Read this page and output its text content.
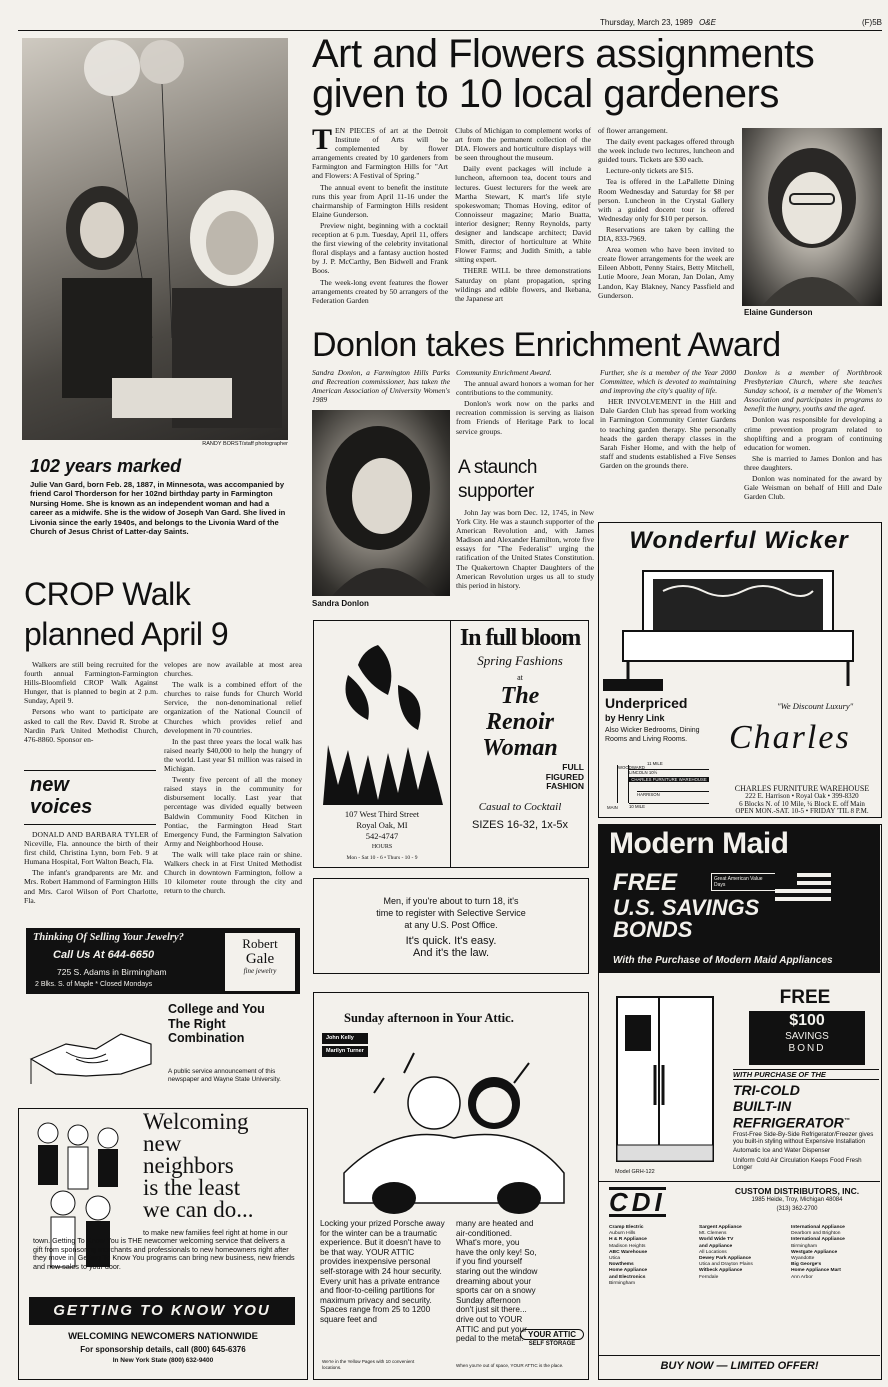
Thursday, March 23, 1989 O&E	(F)5B
RANDY BORST/staff photographer
102 years marked
Julie Van Gard, born Feb. 28, 1887, in Minnesota, was accompanied by friend Carol Thorderson for her 102nd birthday party in Farmington Nursing Home. She is known as an independent woman and had a career as a midwife. She is the widow of Joseph Van Gard. She lived in Livonia since the early 1940s, and belongs to the Livonia Ward of the Church of Jesus Christ of Latter-day Saints.
Art and Flowers assignments
given to 10 local gardeners

TEN PIECES of art at the Detroit Institute of Arts will be complemented by flower arrangements created by 10 gardeners from Farmington and Farmington Hills for "Art and Flowers: A Festival of Spring."

The annual event to benefit the institute runs this year from April 11-16 under the chairmanship of Farmington Hills resident Elaine Gunderson.

Preview night, beginning with a cocktail reception at 6 p.m. Tuesday, April 11, offers the first viewing of the celebrity invitational floral displays and a fantasy auction hosted by J. P. McCarthy, Ben Bidwell and Frank Boos.

The week-long event features the flower arrangements created by 50 arrangers of the Federation Garden

Clubs of Michigan to complement works of art from the permanent collection of the DIA. Flowers and horticulture displays will be seen throughout the museum.

Daily event packages will include a luncheon, afternoon tea, docent tours and lectures. Guest lecturers for the week are Martha Stewart, K mart's life style spokeswoman; Thomas Hoving, editor of Connoisseur magazine; Mario Buatta, interior designer; Renny Reynolds, party designer and landscape architect; David Smith, director of horticulture at White Flower Farms; and Judith Smith, a table sitting expert.

THERE WILL be three demonstrations Saturday on plant propagation, spring wildings and edible flowers, and Ikebana, the Japanese art

of flower arrangement.

The daily event packages offered through the week include two lectures, luncheon and guided tours. Tickets are $30 each.

Lecture-only tickets are $15.

Tea is offered in the LaPallette Dining Room Wednesday and Saturday for $8 per person. Luncheon in the Crystal Gallery with a guided docent tour is offered Wednesday only for $10 per person.

Reservations are taken by calling the DIA, 833-7969.

Area women who have been invited to create flower arrangements for the week are Eileen Abbott, Penny Stairs, Betty Mitchell, Lutie Moore, Jean Moran, Jan Dolan, Amy Landon, Kay Blakney, Nancy Passfield and Gunderson.

Elaine Gunderson
Donlon takes Enrichment Award
Sandra Donlon, a Farmington Hills Parks and Recreation commissioner, has taken the American Association of University Women's 1989
Sandra Donlon

Community Enrichment Award.

The annual award honors a woman for her contributions to the community.

Donlon's work now on the parks and recreation commission is serving as liaison from Friends of Heritage Park to local service groups.

A staunch
supporter

John Jay was born Dec. 12, 1745, in New York City. He was a staunch supporter of the American Revolution and, with James Madison and Alexander Hamilton, wrote five essays for "The Federalist" urging the ratification of the United States Constitution. The Quakertown Chapter Daughters of the American Revolution urges us all to study this period in history.

Further, she is a member of the Year 2000 Committee, which is devoted to maintaining and improving the city's quality of life.

HER INVOLVEMENT in the Hill and Dale Garden Club has spread from working in Farmington Community Center Gardens to teaching garden therapy. She personally heads the garden therapy classes in the Sarah Fisher Home, and with the help of staff and students established a Five Senses Garden on the grounds there.

Donlon is a member of Northbrook Presbyterian Church, where she teaches Sunday school, is a member of the Women's Association and participates in programs to benefit the hungry, youths and the aged.

Donlon was responsible for developing a crime prevention program related to shoplifting and a program of continuing education for women.

She is married to James Donlon and has three daughters.

Donlon was nominated for the award by Gale Weisman on behalf of Hill and Dale Garden Club.

CROP Walk
planned April 9

Walkers are still being recruited for the fourth annual Farmington-Farmington Hills-Bloomfield CROP Walk Against Hunger, that is planned to begin at 2 p.m. Sunday, April 9.

Persons who want to participate are asked to call the Rev. David R. Strobe at Nardin Park United Methodist Church, 476-8860. Sponsor en-

velopes are now available at most area churches.

The walk is a combined effort of the churches to raise funds for Church World Service, the non-denominational relief organization of the National Council of Churches which provides relief and development in 70 countries.

In the past three years the local walk has raised nearly $40,000 to help the hungry of the world. Last year $1 million was raised in Michigan.

Twenty five percent of all the money raised stays in the community for disbursement locally. Last year that percentage was divided equally between Baldwin Community Food Kitchen in Pontiac, the Farmington Head Start Emergency Fund, the Farmington Salvation Army and Neighborhood House.

The walk will take place rain or shine. Walkers check in at First United Methodist Church in downtown Farmington, follow a 10 kilometer route through the city and return to the church.

new
voices

DONALD AND BARBARA TYLER of Niceville, Fla. announce the birth of their first child, Christina Lynn, born Feb. 9 at Humana Hospital, Fort Walton Beach, Fla.

The infant's grandparents are Mr. and Mrs. Robert Hammond of Farmington Hills and Mrs. Carol Wilson of Port Charlotte, Fla.

Thinking Of Selling Your Jewelry?
Call Us At 644-6650
725 S. Adams in Birmingham
2 Blks. S. of Maple * Closed Mondays
Robert
Gale
fine jewelry
College and You
The Right
Combination
A public service announcement of this newspaper and Wayne State University.
Welcoming
new
neighbors
is the least
we can do...
to make new families feel right at home in our town. Getting To Know You is THE newcomer welcoming service that delivers a gift from sponsoring merchants and professionals to new homeowners right after they move in. Getting To Know You programs can bring new business, new friends and new sales to your door.
GETTING TO KNOW YOU
WELCOMING NEWCOMERS NATIONWIDE
For sponsorship details, call (800) 645-6376
In New York State (800) 632-9400
107 West Third Street
Royal Oak, MI
542-4747
HOURS
Mon - Sat 10 - 6 • Thurs - 10 - 9
In full bloom
Spring Fashions
at
The
Renoir
Woman
FULL
FIGURED
FASHION
Casual to Cocktail
SIZES 16-32, 1x-5x
Men, if you're about to turn 18, it's
time to register with Selective Service
at any U.S. Post Office.
It's quick. It's easy.
And it's the law.
Sunday afternoon in Your Attic.
John Kelly
Marilyn Turner
Locking your prized Porsche away for the winter can be a traumatic experience. But it doesn't have to be that way. YOUR ATTIC provides inexpensive personal self-storage with 24 hour security. Every unit has a private entrance and floor-to-ceiling partitions for maximum privacy and security. Spaces range from 25 to 1200 square feet and
many are heated and air-conditioned. What's more, you have the only key! So, if you find yourself staring out the window dreaming about your sports car on a snowy Sunday afternoon don't just sit there... drive out to YOUR ATTIC and put your pedal to the metal. YOUR ATTIC
SELF STORAGE
We're in the Yellow Pages with 10 convenient locations.	When you're out of space, YOUR ATTIC is the place.
Wonderful Wicker
Underpriced	"We Discount Luxury"
by Henry Link
Also Wicker Bedrooms, Dining Rooms and Living Rooms.	Charles
11 MILE
LINCOLN 10½
CHARLES FURNITURE WAREHOUSE
HARRISON
10 MILE
WOODWARD
MAIN
CHARLES FURNITURE WAREHOUSE
222 E. Harrison • Royal Oak • 399-8320
6 Blocks N. of 10 Mile, ¼ Block E. off Main
OPEN MON.-SAT. 10-5 • FRIDAY 'TIL 8 P.M.
Modern Maid
FREE	Great American Value Days
U.S. SAVINGS
BONDS
With the Purchase of Modern Maid Appliances
Model GRH-122
FREE
$100
SAVINGS
BOND
WITH PURCHASE OF THE
TRI-COLD
BUILT-IN
REFRIGERATOR™
Frost-Free Side-By-Side Refrigerator/Freezer gives you built-in styling without Expensive Installation
Automatic Ice and Water Dispenser
Uniform Cold Air Circulation Keeps Food Fresh Longer
CDI	CUSTOM DISTRIBUTORS, INC.
1985 Heide, Troy, Michigan 48084
(313) 362-2700
Cramp Electric
Auburn Hills
H & R Appliance
Madison Heights
ABC Warehouse
Utica
Nowthems
Home Appliance
and Electronics
Birmingham
Sargent Appliance
Mt. Clemens
World Wide TV
and Appliance
All Locations
Dewey Park Appliance
Utica and Drayton Plains
Witbeck Appliance
Ferndale
International Appliance
Dearborn and Brighton
International Appliance
Birmingham
Westgate Appliance
Wyandotte
Big George's
Home Appliance Mart
Ann Arbor
BUY NOW — LIMITED OFFER!
